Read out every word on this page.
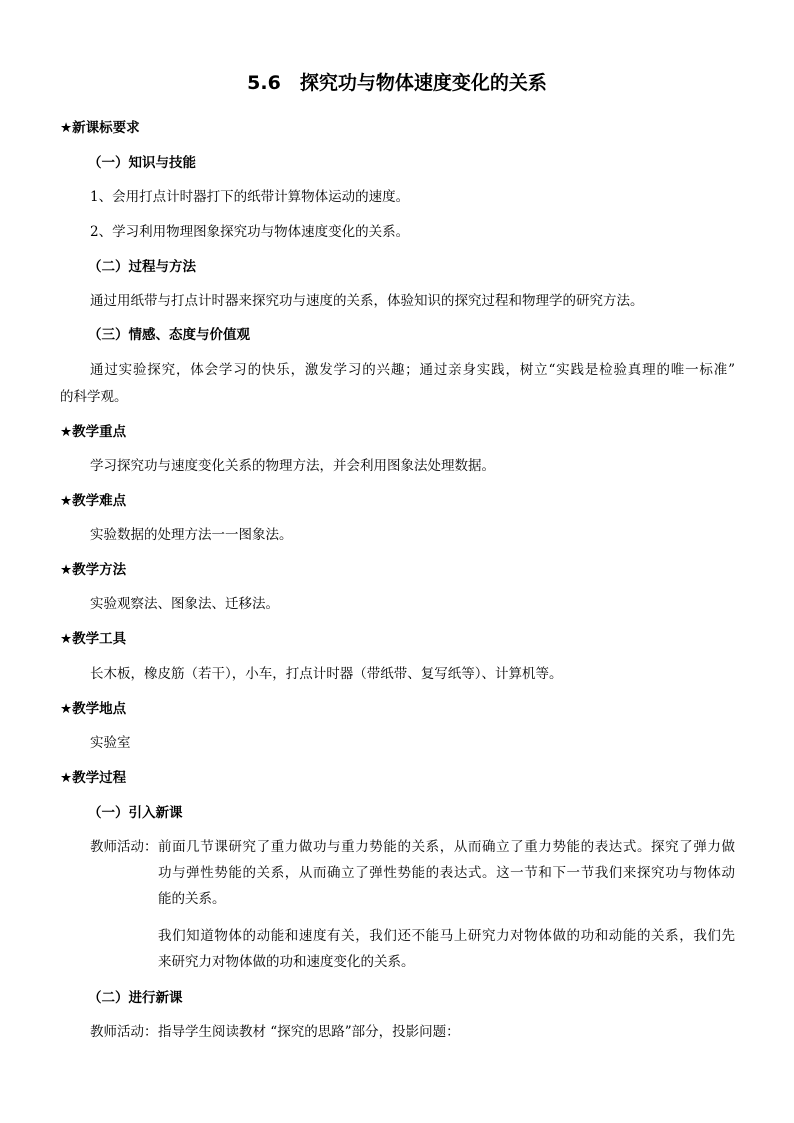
5.6　探究功与物体速度变化的关系
★新课标要求
（一）知识与技能
1、会用打点计时器打下的纸带计算物体运动的速度。
2、学习利用物理图象探究功与物体速度变化的关系。
（二）过程与方法
通过用纸带与打点计时器来探究功与速度的关系，体验知识的探究过程和物理学的研究方法。
（三）情感、态度与价值观
通过实验探究，体会学习的快乐，激发学习的兴趣；通过亲身实践，树立“实践是检验真理的唯一标准”
的科学观。
★教学重点
学习探究功与速度变化关系的物理方法，并会利用图象法处理数据。
★教学难点
实验数据的处理方法一一图象法。
★教学方法
实验观察法、图象法、迁移法。
★教学工具
长木板，橡皮筋（若干），小车，打点计时器（带纸带、复写纸等）、计算机等。
★教学地点
实验室
★教学过程
（一）引入新课
教师活动： 前面几节课研究了重力做功与重力势能的关系，从而确立了重力势能的表达式。探究了弹力做
功与弹性势能的关系，从而确立了弹性势能的表达式。这一节和下一节我们来探究功与物体动
能的关系。
我们知道物体的动能和速度有关，我们还不能马上研究力对物体做的功和动能的关系，我们先
来研究力对物体做的功和速度变化的关系。
（二）进行新课
教师活动： 指导学生阅读教材 “探究的思路”部分，投影问题：
